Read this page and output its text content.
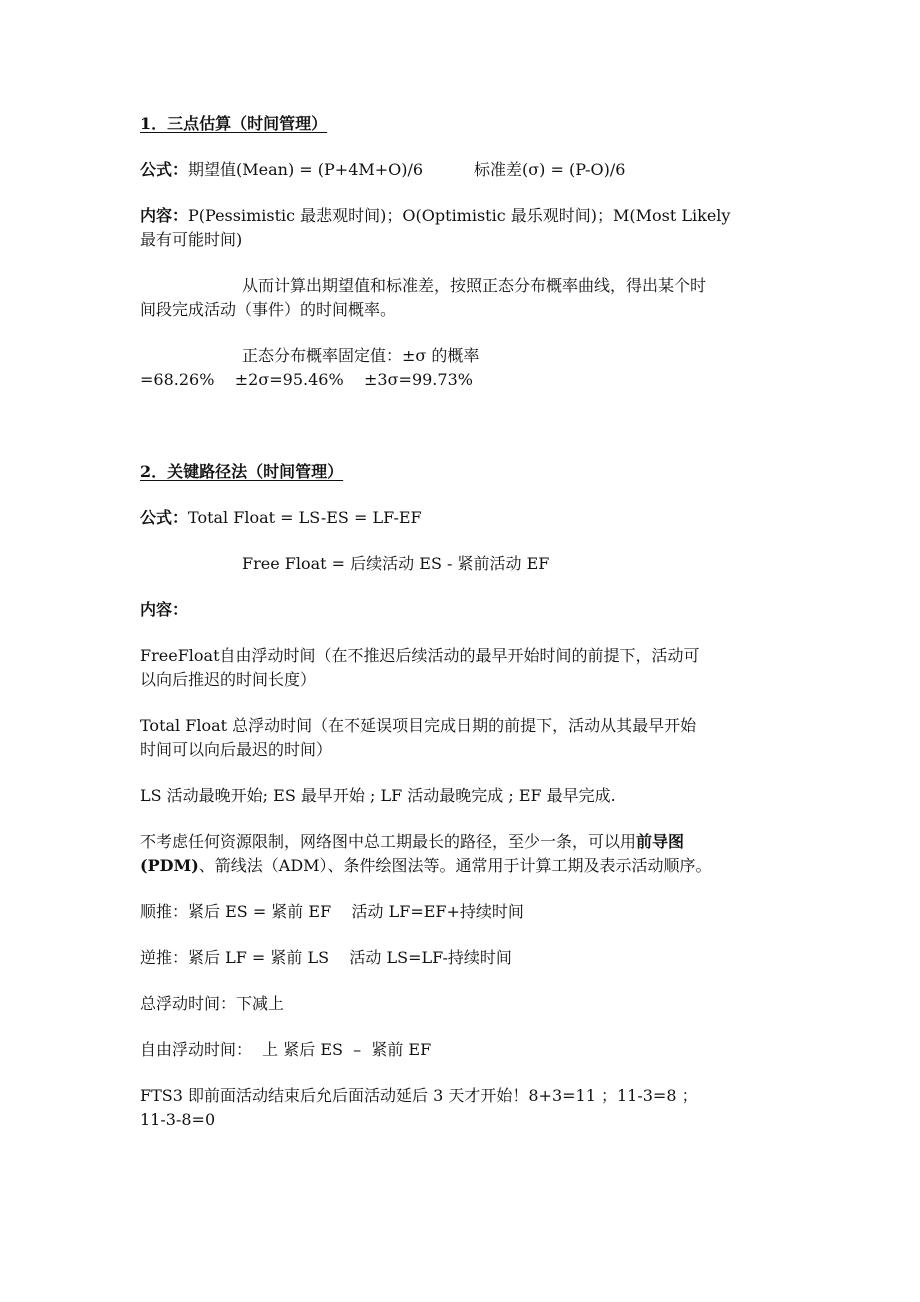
1．三点估算（时间管理）
公式：期望值(Mean) = (P+4M+O)/6	标准差(σ) = (P-O)/6
内容：P(Pessimistic 最悲观时间)；O(Optimistic 最乐观时间)；M(Most Likely
最有可能时间)
从而计算出期望值和标准差，按照正态分布概率曲线，得出某个时
间段完成活动（事件）的时间概率。
正态分布概率固定值：±σ 的概率
=68.26%    ±2σ=95.46%    ±3σ=99.73%
2．关键路径法（时间管理）
公式：Total Float = LS-ES = LF-EF
Free Float = 后续活动 ES - 紧前活动 EF
内容：
FreeFloat自由浮动时间（在不推迟后续活动的最早开始时间的前提下，活动可
以向后推迟的时间长度）
Total Float 总浮动时间（在不延误项目完成日期的前提下，活动从其最早开始
时间可以向后最迟的时间）
LS 活动最晚开始; ES 最早开始 ; LF 活动最晚完成 ; EF 最早完成.
不考虑任何资源限制，网络图中总工期最长的路径，至少一条，可以用前导图
(PDM)、箭线法（ADM）、条件绘图法等。通常用于计算工期及表示活动顺序。
顺推：紧后 ES = 紧前 EF    活动 LF=EF+持续时间
逆推：紧后 LF = 紧前 LS    活动 LS=LF-持续时间
总浮动时间：下减上
自由浮动时间：  上 紧后 ES  –  紧前 EF
FTS3 即前面活动结束后允后面活动延后 3 天才开始！8+3=11 ；11-3=8 ；
11-3-8=0
